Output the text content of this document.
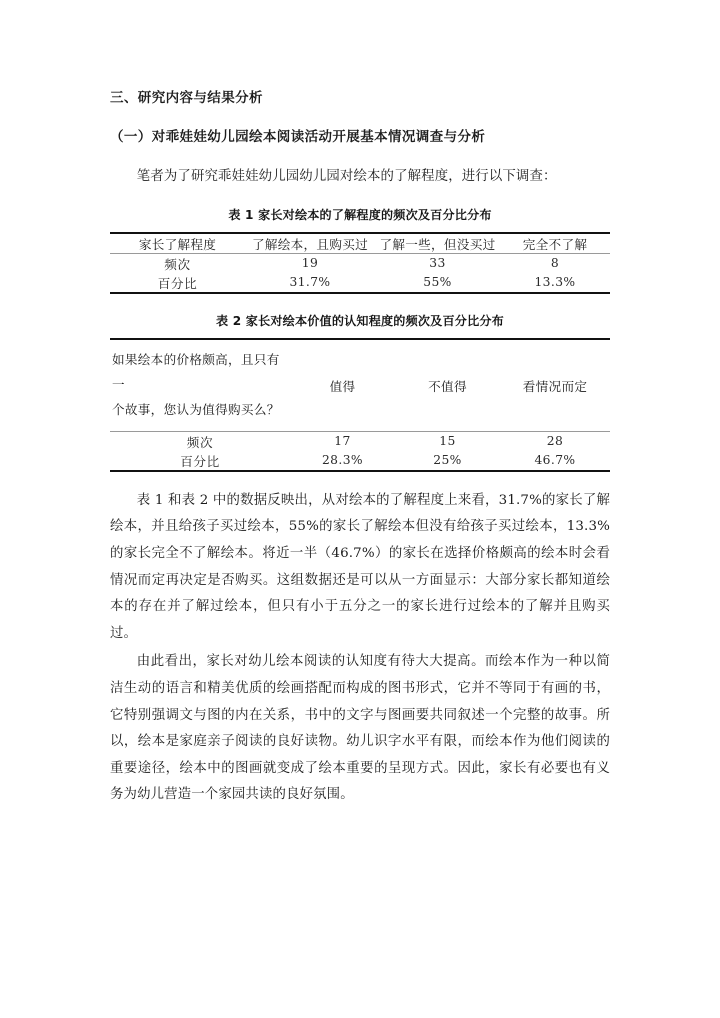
三、研究内容与结果分析
（一）对乖娃娃幼儿园绘本阅读活动开展基本情况调查与分析

笔者为了研究乖娃娃幼儿园幼儿园对绘本的了解程度，进行以下调查：

表 1 家长对绘本的了解程度的频次及百分比分布

家长了解程度	了解绘本，且购买过	了解一些，但没买过	完全不了解

频次	19	33	8
百分比	31.7%	55%	13.3%

表 2 家长对绘本价值的认知程度的频次及百分比分布

如果绘本的价格颇高，且只有一
个故事，您认为值得购买么？	值得	不值得	看情况而定

频次	17	15	28
百分比	28.3%	25%	46.7%

表 1 和表 2 中的数据反映出，从对绘本的了解程度上来看，31.7%的家长了解绘本，并且给孩子买过绘本，55%的家长了解绘本但没有给孩子买过绘本，13.3%的家长完全不了解绘本。将近一半（46.7%）的家长在选择价格颇高的绘本时会看情况而定再决定是否购买。这组数据还是可以从一方面显示：大部分家长都知道绘本的存在并了解过绘本，但只有小于五分之一的家长进行过绘本的了解并且购买过。

由此看出，家长对幼儿绘本阅读的认知度有待大大提高。而绘本作为一种以简洁生动的语言和精美优质的绘画搭配而构成的图书形式，它并不等同于有画的书，它特别强调文与图的内在关系，书中的文字与图画要共同叙述一个完整的故事。所以，绘本是家庭亲子阅读的良好读物。幼儿识字水平有限，而绘本作为他们阅读的重要途径，绘本中的图画就变成了绘本重要的呈现方式。因此，家长有必要也有义务为幼儿营造一个家园共读的良好氛围。
